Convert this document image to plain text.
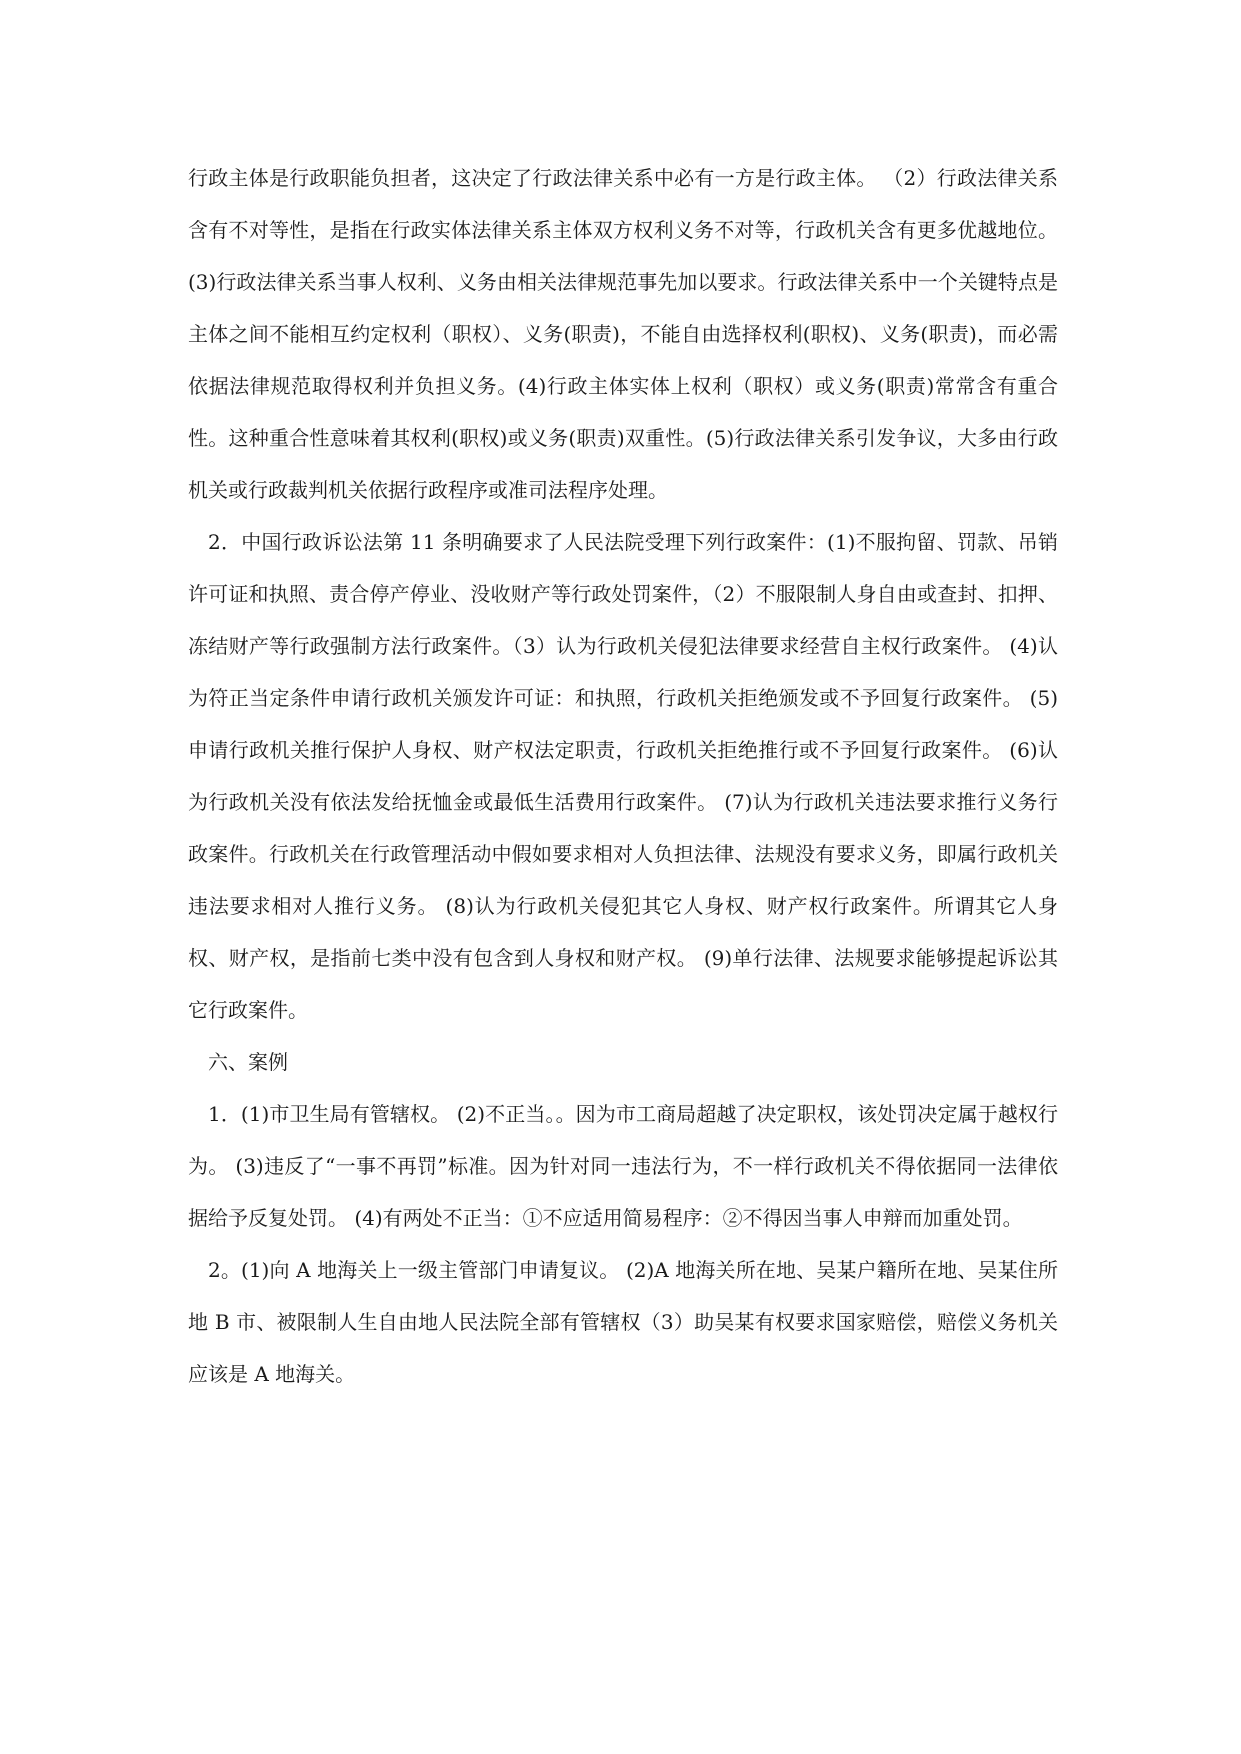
行政主体是行政职能负担者，这决定了行政法律关系中必有一方是行政主体。 （2）行政法律关系含有不对等性，是指在行政实体法律关系主体双方权利义务不对等，行政机关含有更多优越地位。 (3)行政法律关系当事人权利、义务由相关法律规范事先加以要求。行政法律关系中一个关键特点是主体之间不能相互约定权利（职权）、义务(职责)，不能自由选择权利(职权)、义务(职责)，而必需依据法律规范取得权利并负担义务。(4)行政主体实体上权利（职权）或义务(职责)常常含有重合性。这种重合性意味着其权利(职权)或义务(职责)双重性。(5)行政法律关系引发争议，大多由行政机关或行政裁判机关依据行政程序或准司法程序处理。

2．中国行政诉讼法第 11 条明确要求了人民法院受理下列行政案件：(1)不服拘留、罚款、吊销许可证和执照、责合停产停业、没收财产等行政处罚案件，（2）不服限制人身自由或查封、扣押、冻结财产等行政强制方法行政案件。（3）认为行政机关侵犯法律要求经营自主权行政案件。 (4)认为符正当定条件申请行政机关颁发许可证：和执照，行政机关拒绝颁发或不予回复行政案件。 (5)申请行政机关推行保护人身权、财产权法定职责，行政机关拒绝推行或不予回复行政案件。 (6)认为行政机关没有依法发给抚恤金或最低生活费用行政案件。 (7)认为行政机关违法要求推行义务行政案件。行政机关在行政管理活动中假如要求相对人负担法律、法规没有要求义务，即属行政机关违法要求相对人推行义务。 (8)认为行政机关侵犯其它人身权、财产权行政案件。所谓其它人身权、财产权，是指前七类中没有包含到人身权和财产权。 (9)单行法律、法规要求能够提起诉讼其它行政案件。

六、案例

1．(1)市卫生局有管辖权。 (2)不正当。。因为市工商局超越了决定职权，该处罚决定属于越权行为。 (3)违反了“一事不再罚”标准。因为针对同一违法行为，不一样行政机关不得依据同一法律依据给予反复处罚。 (4)有两处不正当：①不应适用简易程序：②不得因当事人申辩而加重处罚。

2。(1)向 A 地海关上一级主管部门申请复议。 (2)A 地海关所在地、吴某户籍所在地、吴某住所地 B 市、被限制人生自由地人民法院全部有管辖权（3）助吴某有权要求国家赔偿，赔偿义务机关应该是 A 地海关。
